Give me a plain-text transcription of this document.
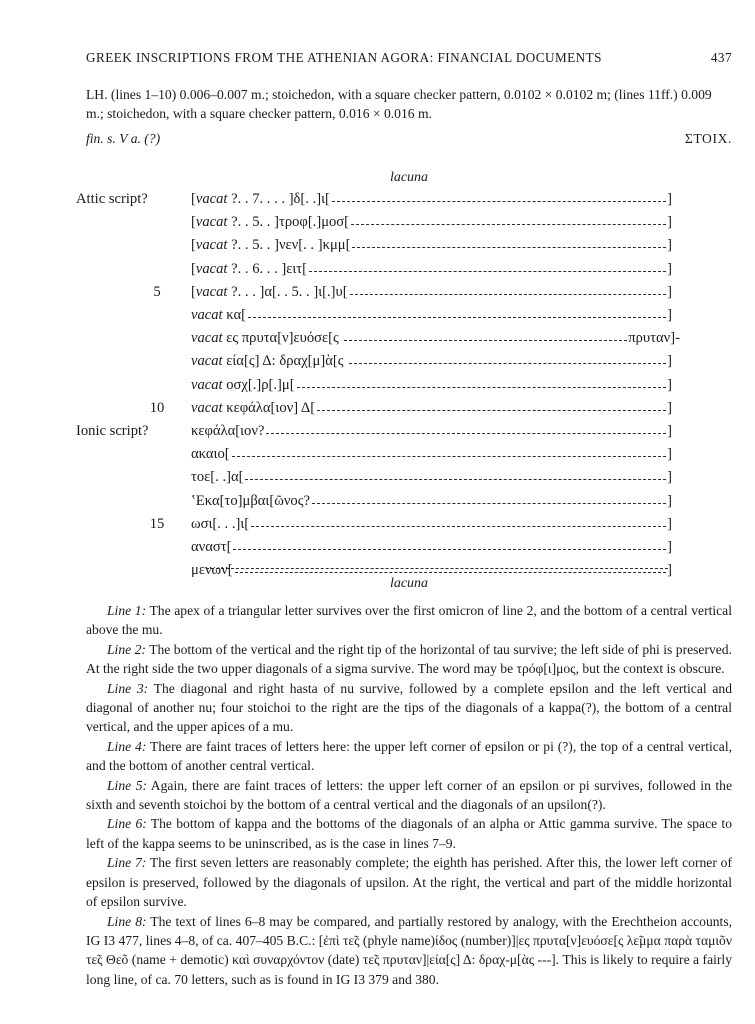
GREEK INSCRIPTIONS FROM THE ATHENIAN AGORA: FINANCIAL DOCUMENTS	437
LH. (lines 1–10) 0.006–0.007 m.; stoichedon, with a square checker pattern, 0.0102 × 0.0102 m; (lines 11ff.) 0.009 m.; stoichedon, with a square checker pattern, 0.016 × 0.016 m.
fin. s. V a. (?)	ΣΤΟΙΧ.
lacuna
Attic script?	[vacat ?. . 7. . . . ]δ[. .]ι[	]
[vacat ?. . 5. . ]τροφ[.]μοσ[	]
[vacat ?. . 5. . ]νεν[. . ]κμμ[	]
[vacat ?. . 6. . . ]ειτ[	]
5	[vacat ?. . . ]α[. . 5. . ]ι[.]υ[	]
vacat κα[	]
vacat ες πρυτα[ν]ευόσε[ς	πρυταν]-
vacat εία[ς] Δ: δραχ[μ]ὰ[ς	]
vacat οσχ[.]ρ[.]μ[	]
10 vacat κεφάλα[ιον] Δ[	]
Ionic script?	κεφάλα[ιον?	]
ακαιο[	]
τοε[. .]α[	]
ʽΕκα[το]μβαι[ῶνος?	]
15 ωσι[. . .]ι[	]
αναστ[	]
μενων[	]
lacuna

Line 1: The apex of a triangular letter survives over the first omicron of line 2, and the bottom of a central vertical above the mu.

Line 2: The bottom of the vertical and the right tip of the horizontal of tau survive; the left side of phi is preserved. At the right side the two upper diagonals of a sigma survive. The word may be τρόφ[ι]μος, but the context is obscure.

Line 3: The diagonal and right hasta of nu survive, followed by a complete epsilon and the left vertical and diagonal of another nu; four stoichoi to the right are the tips of the diagonals of a kappa(?), the bottom of a central vertical, and the upper apices of a mu.

Line 4: There are faint traces of letters here: the upper left corner of epsilon or pi (?), the top of a central vertical, and the bottom of another central vertical.

Line 5: Again, there are faint traces of letters: the upper left corner of an epsilon or pi survives, followed in the sixth and seventh stoichoi by the bottom of a central vertical and the diagonals of an upsilon(?).

Line 6: The bottom of kappa and the bottoms of the diagonals of an alpha or Attic gamma survive. The space to left of the kappa seems to be uninscribed, as is the case in lines 7–9.

Line 7: The first seven letters are reasonably complete; the eighth has perished. After this, the lower left corner of epsilon is preserved, followed by the diagonals of upsilon. At the right, the vertical and part of the middle horizontal of epsilon survive.

Line 8: The text of lines 6–8 may be compared, and partially restored by analogy, with the Erechtheion accounts, IG I3 477, lines 4–8, of ca. 407–405 B.C.: [ἐπὶ τε̃ς (phyle name)ίδος (number)]|ες πρυτα[ν]ευόσε[ς λε̃μμα παρὰ ταμιõν τε̃ς Θεõ (name + demotic) καὶ συναρχόντον (date) τε̃ς πρυταν]|εία[ς] Δ: δραχ-μ[ὰς ---]. This is likely to require a fairly long line, of ca. 70 letters, such as is found in IG I3 379 and 380.
